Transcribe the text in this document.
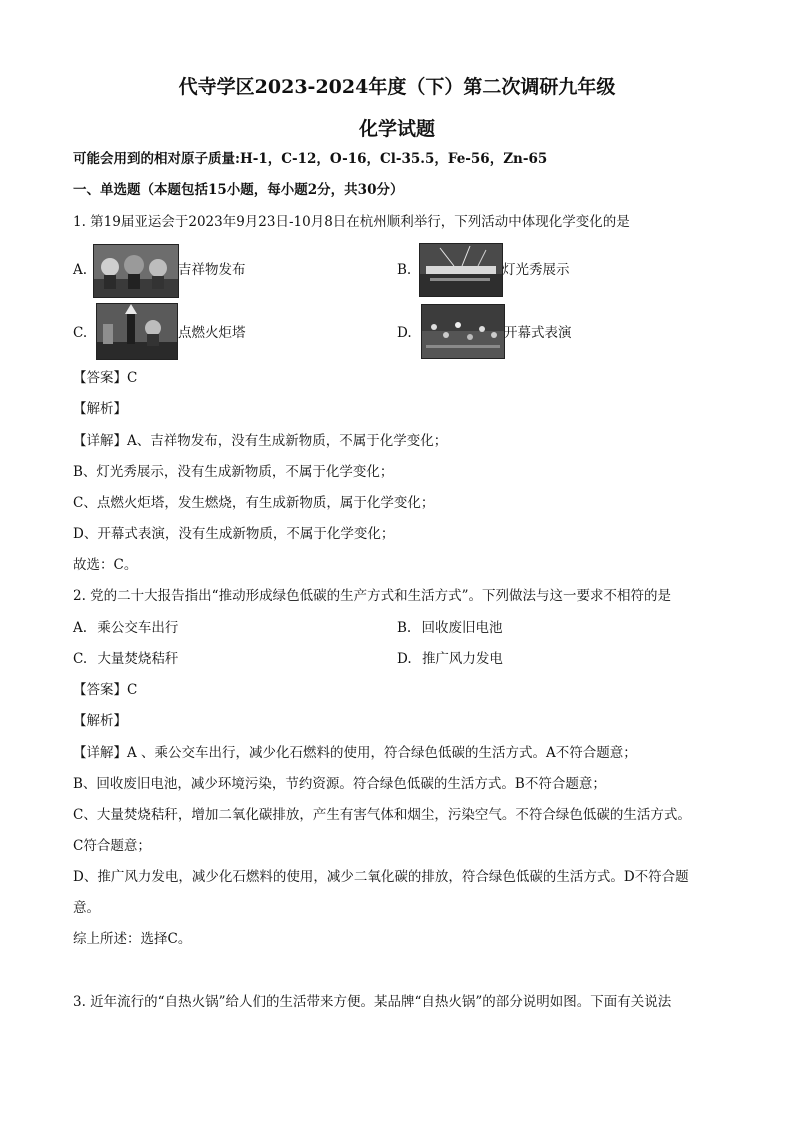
代寺学区2023-2024年度（下）第二次调研九年级
化学试题
可能会用到的相对原子质量:H-1，C-12，O-16，Cl-35.5，Fe-56，Zn-65
一、单选题（本题包括15小题，每小题2分，共30分）
1. 第19届亚运会于2023年9月23日-10月8日在杭州顺利举行，下列活动中体现化学变化的是
A.	吉祥物发布	B.	灯光秀展示
C.	点燃火炬塔	D.	开幕式表演
【答案】C
【解析】
【详解】A、吉祥物发布，没有生成新物质，不属于化学变化；
B、灯光秀展示，没有生成新物质，不属于化学变化；
C、点燃火炬塔，发生燃烧，有生成新物质，属于化学变化；
D、开幕式表演，没有生成新物质，不属于化学变化；
故选：C。
2. 党的二十大报告指出“推动形成绿色低碳的生产方式和生活方式”。下列做法与这一要求不相符的是
A. 乘公交车出行	B. 回收废旧电池
C. 大量焚烧秸秆	D. 推广风力发电
【答案】C
【解析】
【详解】A 、乘公交车出行，减少化石燃料的使用，符合绿色低碳的生活方式。A不符合题意；
B、回收废旧电池，减少环境污染，节约资源。符合绿色低碳的生活方式。B不符合题意；
C、大量焚烧秸秆，增加二氧化碳排放，产生有害气体和烟尘，污染空气。不符合绿色低碳的生活方式。
C符合题意；
D、推广风力发电，减少化石燃料的使用，减少二氧化碳的排放，符合绿色低碳的生活方式。D不符合题
意。
综上所述：选择C。
3. 近年流行的“自热火锅”给人们的生活带来方便。某品牌“自热火锅”的部分说明如图。下面有关说法
